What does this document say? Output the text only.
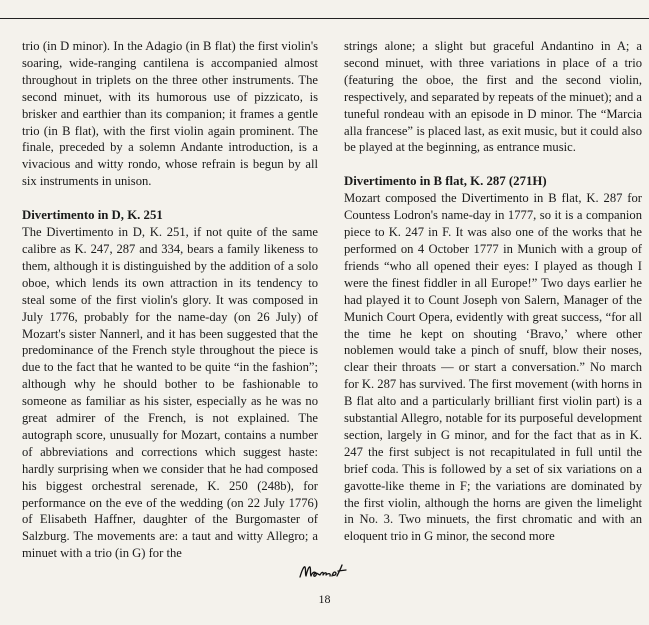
trio (in D minor). In the Adagio (in B flat) the first violin's soaring, wide-ranging cantilena is accompanied almost throughout in triplets on the three other instruments. The second minuet, with its humorous use of pizzicato, is brisker and earthier than its companion; it frames a gentle trio (in B flat), with the first violin again prominent. The finale, preceded by a solemn Andante introduction, is a vivacious and witty rondo, whose refrain is begun by all six instruments in unison.

Divertimento in D, K. 251

The Divertimento in D, K. 251, if not quite of the same calibre as K. 247, 287 and 334, bears a family likeness to them, although it is distinguished by the addition of a solo oboe, which lends its own attraction in its tendency to steal some of the first violin's glory. It was composed in July 1776, probably for the name-day (on 26 July) of Mozart's sister Nannerl, and it has been suggested that the predominance of the French style throughout the piece is due to the fact that he wanted to be quite “in the fashion”; although why he should bother to be fashionable to someone as familiar as his sister, especially as he was no great admirer of the French, is not explained. The autograph score, unusually for Mozart, contains a number of abbreviations and corrections which suggest haste: hardly surprising when we consider that he had composed his biggest orchestral serenade, K. 250 (248b), for performance on the eve of the wedding (on 22 July 1776) of Elisabeth Haffner, daughter of the Burgomaster of Salzburg. The movements are: a taut and witty Allegro; a minuet with a trio (in G) for the

strings alone; a slight but graceful Andantino in A; a second minuet, with three variations in place of a trio (featuring the oboe, the first and the second violin, respectively, and separated by repeats of the minuet); and a tuneful rondeau with an episode in D minor. The “Marcia alla francese” is placed last, as exit music, but it could also be played at the beginning, as entrance music.

Divertimento in B flat, K. 287 (271H)

Mozart composed the Divertimento in B flat, K. 287 for Countess Lodron's name-day in 1777, so it is a companion piece to K. 247 in F. It was also one of the works that he performed on 4 October 1777 in Munich with a group of friends “who all opened their eyes: I played as though I were the finest fiddler in all Europe!” Two days earlier he had played it to Count Joseph von Salern, Manager of the Munich Court Opera, evidently with great success, “for all the time he kept on shouting ‘Bravo,’ where other noblemen would take a pinch of snuff, blow their noses, clear their throats — or start a conversation.” No march for K. 287 has survived. The first movement (with horns in B flat alto and a particularly brilliant first violin part) is a substantial Allegro, notable for its purposeful development section, largely in G minor, and for the fact that as in K. 247 the first subject is not recapitulated in full until the brief coda. This is followed by a set of six variations on a gavotte-like theme in F; the variations are dominated by the first violin, although the horns are given the limelight in No. 3. Two minuets, the first chromatic and with an eloquent trio in G minor, the second more

18
